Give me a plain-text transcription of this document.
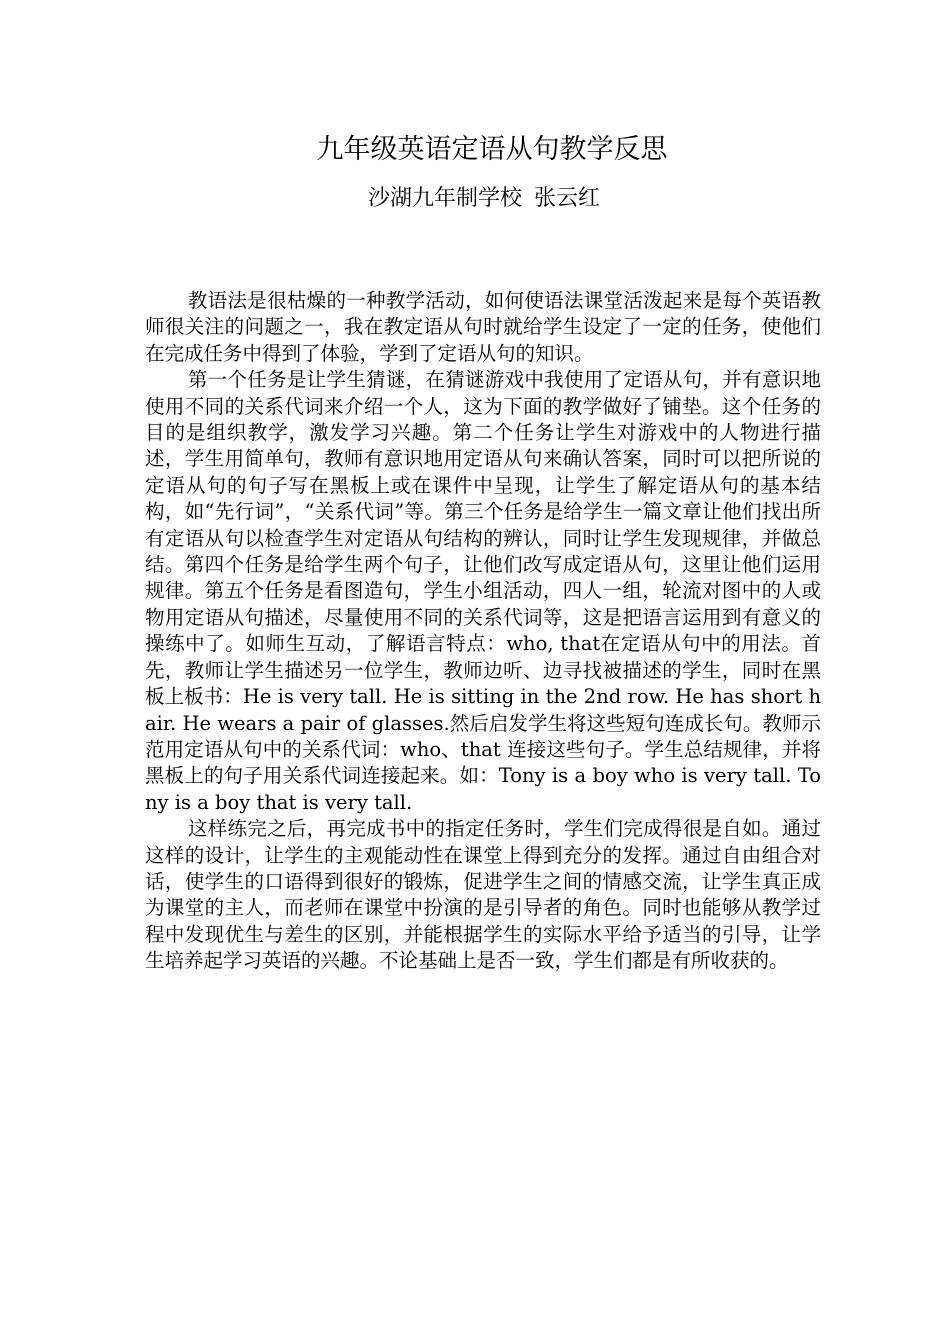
九年级英语定语从句教学反思
沙湖九年制学校 张云红

教语法是很枯燥的一种教学活动，如何使语法课堂活泼起来是每个英语教师很关注的问题之一，我在教定语从句时就给学生设定了一定的任务，使他们在完成任务中得到了体验，学到了定语从句的知识。

第一个任务是让学生猜谜，在猜谜游戏中我使用了定语从句，并有意识地使用不同的关系代词来介绍一个人，这为下面的教学做好了铺垫。这个任务的目的是组织教学，激发学习兴趣。第二个任务让学生对游戏中的人物进行描述，学生用简单句，教师有意识地用定语从句来确认答案，同时可以把所说的定语从句的句子写在黑板上或在课件中呈现，让学生了解定语从句的基本结构，如“先行词”，“关系代词”等。第三个任务是给学生一篇文章让他们找出所有定语从句以检查学生对定语从句结构的辨认，同时让学生发现规律，并做总结。第四个任务是给学生两个句子，让他们改写成定语从句，这里让他们运用规律。第五个任务是看图造句，学生小组活动，四人一组，轮流对图中的人或物用定语从句描述，尽量使用不同的关系代词等，这是把语言运用到有意义的操练中了。如师生互动，了解语言特点：who, that在定语从句中的用法。首先，教师让学生描述另一位学生，教师边听、边寻找被描述的学生，同时在黑板上板书：He is very tall. He is sitting in the 2nd row. He has short hair. He wears a pair of glasses.然后启发学生将这些短句连成长句。教师示范用定语从句中的关系代词：who、that 连接这些句子。学生总结规律，并将黑板上的句子用关系代词连接起来。如：Tony is a boy who is very tall. Tony is a boy that is very tall.

这样练完之后，再完成书中的指定任务时，学生们完成得很是自如。通过这样的设计，让学生的主观能动性在课堂上得到充分的发挥。通过自由组合对话，使学生的口语得到很好的锻炼，促进学生之间的情感交流，让学生真正成为课堂的主人，而老师在课堂中扮演的是引导者的角色。同时也能够从教学过程中发现优生与差生的区别，并能根据学生的实际水平给予适当的引导，让学生培养起学习英语的兴趣。不论基础上是否一致，学生们都是有所收获的。
